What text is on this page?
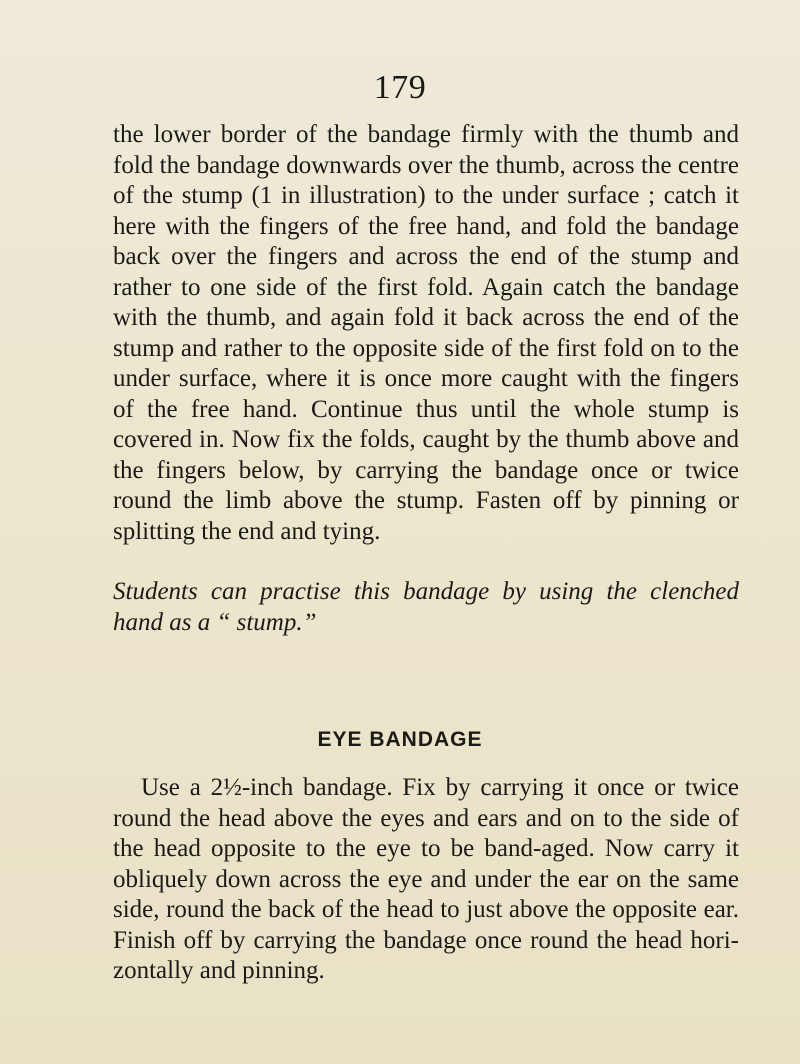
179

the lower border of the bandage firmly with the thumb and fold the bandage downwards over the thumb, across the centre of the stump (1 in illustration) to the under surface ; catch it here with the fingers of the free hand, and fold the bandage back over the fingers and across the end of the stump and rather to one side of the first fold. Again catch the bandage with the thumb, and again fold it back across the end of the stump and rather to the opposite side of the first fold on to the under surface, where it is once more caught with the fingers of the free hand. Continue thus until the whole stump is covered in. Now fix the folds, caught by the thumb above and the fingers below, by carrying the bandage once or twice round the limb above the stump. Fasten off by pinning or splitting the end and tying.

Students can practise this bandage by using the clenched hand as a “ stump.”

EYE BANDAGE

Use a 2½-inch bandage. Fix by carrying it once or twice round the head above the eyes and ears and on to the side of the head opposite to the eye to be band-aged. Now carry it obliquely down across the eye and under the ear on the same side, round the back of the head to just above the opposite ear. Finish off by carrying the bandage once round the head hori-zontally and pinning.
